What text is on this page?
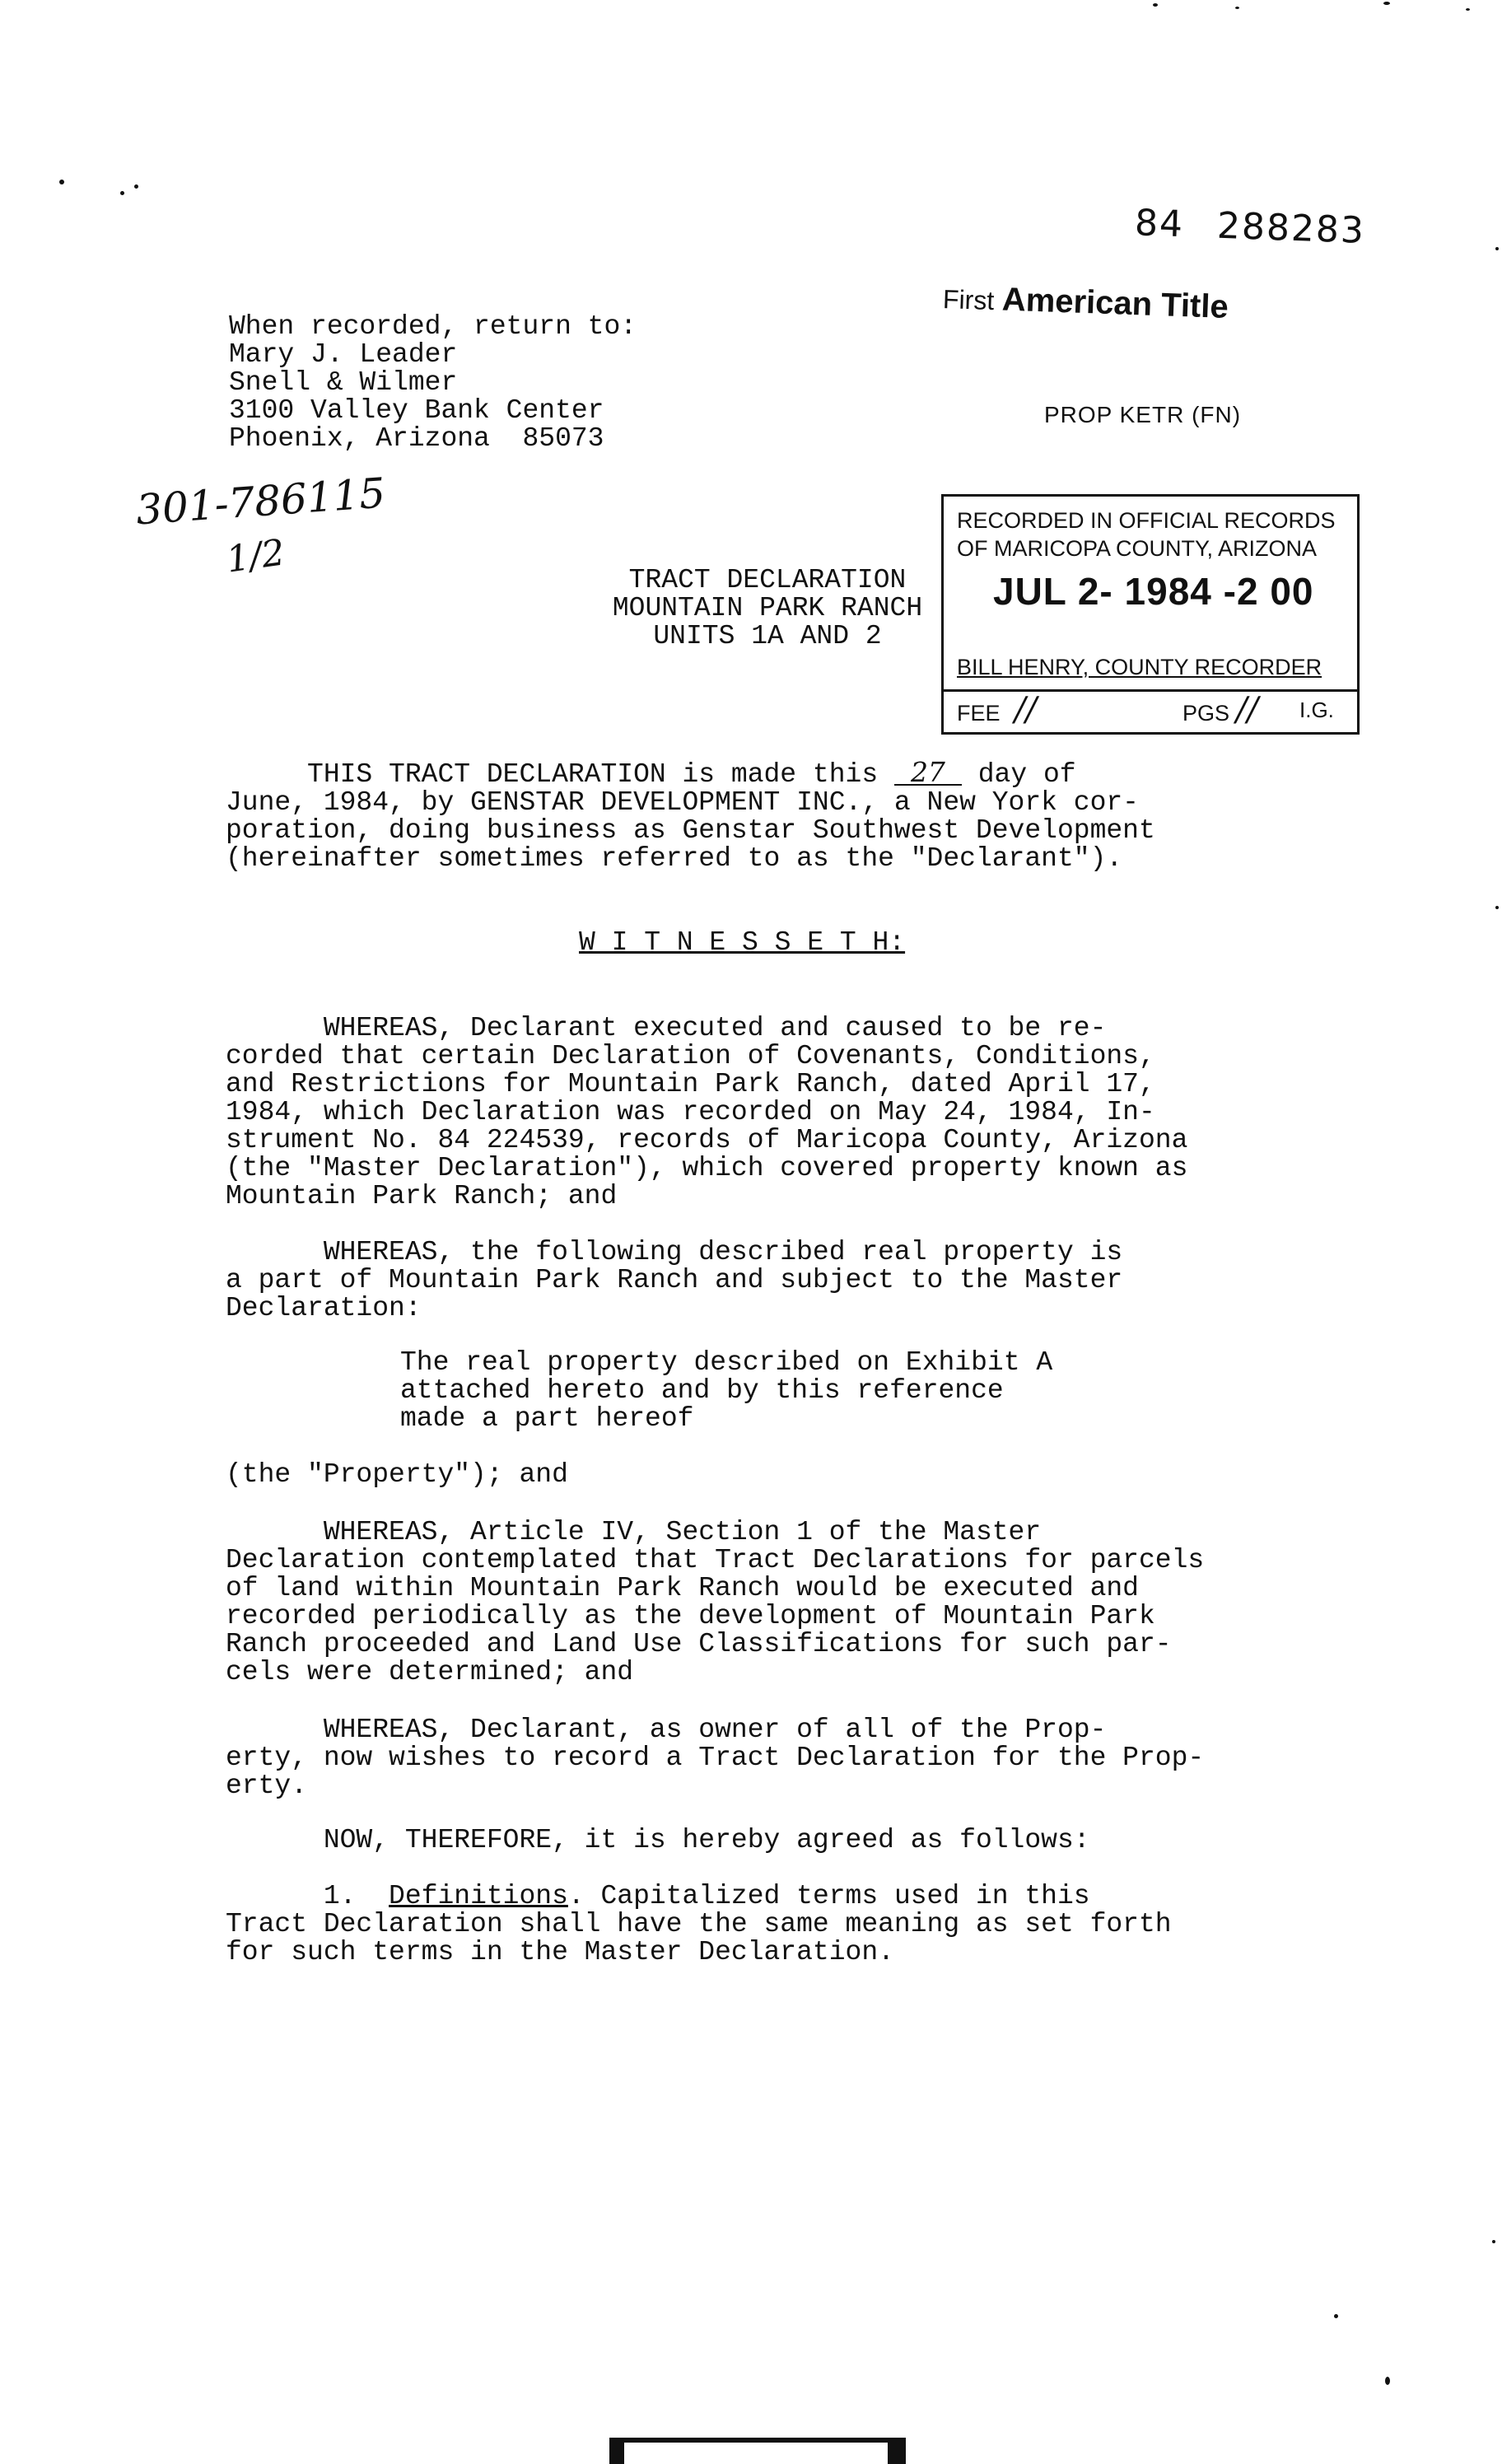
84 288283
First American Title
PROP KETR (FN)
When recorded, return to:
Mary J. Leader
Snell & Wilmer
3100 Valley Bank Center
Phoenix, Arizona  85073
301-786115
1/2	TRACT DECLARATION
MOUNTAIN PARK RANCH
UNITS 1A AND 2
RECORDED IN OFFICIAL RECORDS
OF MARICOPA COUNTY, ARIZONA
JUL 2- 1984 -2 00
BILL HENRY, COUNTY RECORDER
FEE //	PGS // I.G.
THIS TRACT DECLARATION is made this 27 day of
June, 1984, by GENSTAR DEVELOPMENT INC., a New York cor-
poration, doing business as Genstar Southwest Development
(hereinafter sometimes referred to as the "Declarant").
W I T N E S S E T H:
WHEREAS, Declarant executed and caused to be re-
corded that certain Declaration of Covenants, Conditions,
and Restrictions for Mountain Park Ranch, dated April 17,
1984, which Declaration was recorded on May 24, 1984, In-
strument No. 84 224539, records of Maricopa County, Arizona
(the "Master Declaration"), which covered property known as
Mountain Park Ranch; and
WHEREAS, the following described real property is
a part of Mountain Park Ranch and subject to the Master
Declaration:
The real property described on Exhibit A
attached hereto and by this reference
made a part hereof
(the "Property"); and
WHEREAS, Article IV, Section 1 of the Master
Declaration contemplated that Tract Declarations for parcels
of land within Mountain Park Ranch would be executed and
recorded periodically as the development of Mountain Park
Ranch proceeded and Land Use Classifications for such par-
cels were determined; and
WHEREAS, Declarant, as owner of all of the Prop-
erty, now wishes to record a Tract Declaration for the Prop-
erty.
NOW, THEREFORE, it is hereby agreed as follows:
1.  Definitions. Capitalized terms used in this
Tract Declaration shall have the same meaning as set forth
for such terms in the Master Declaration.
